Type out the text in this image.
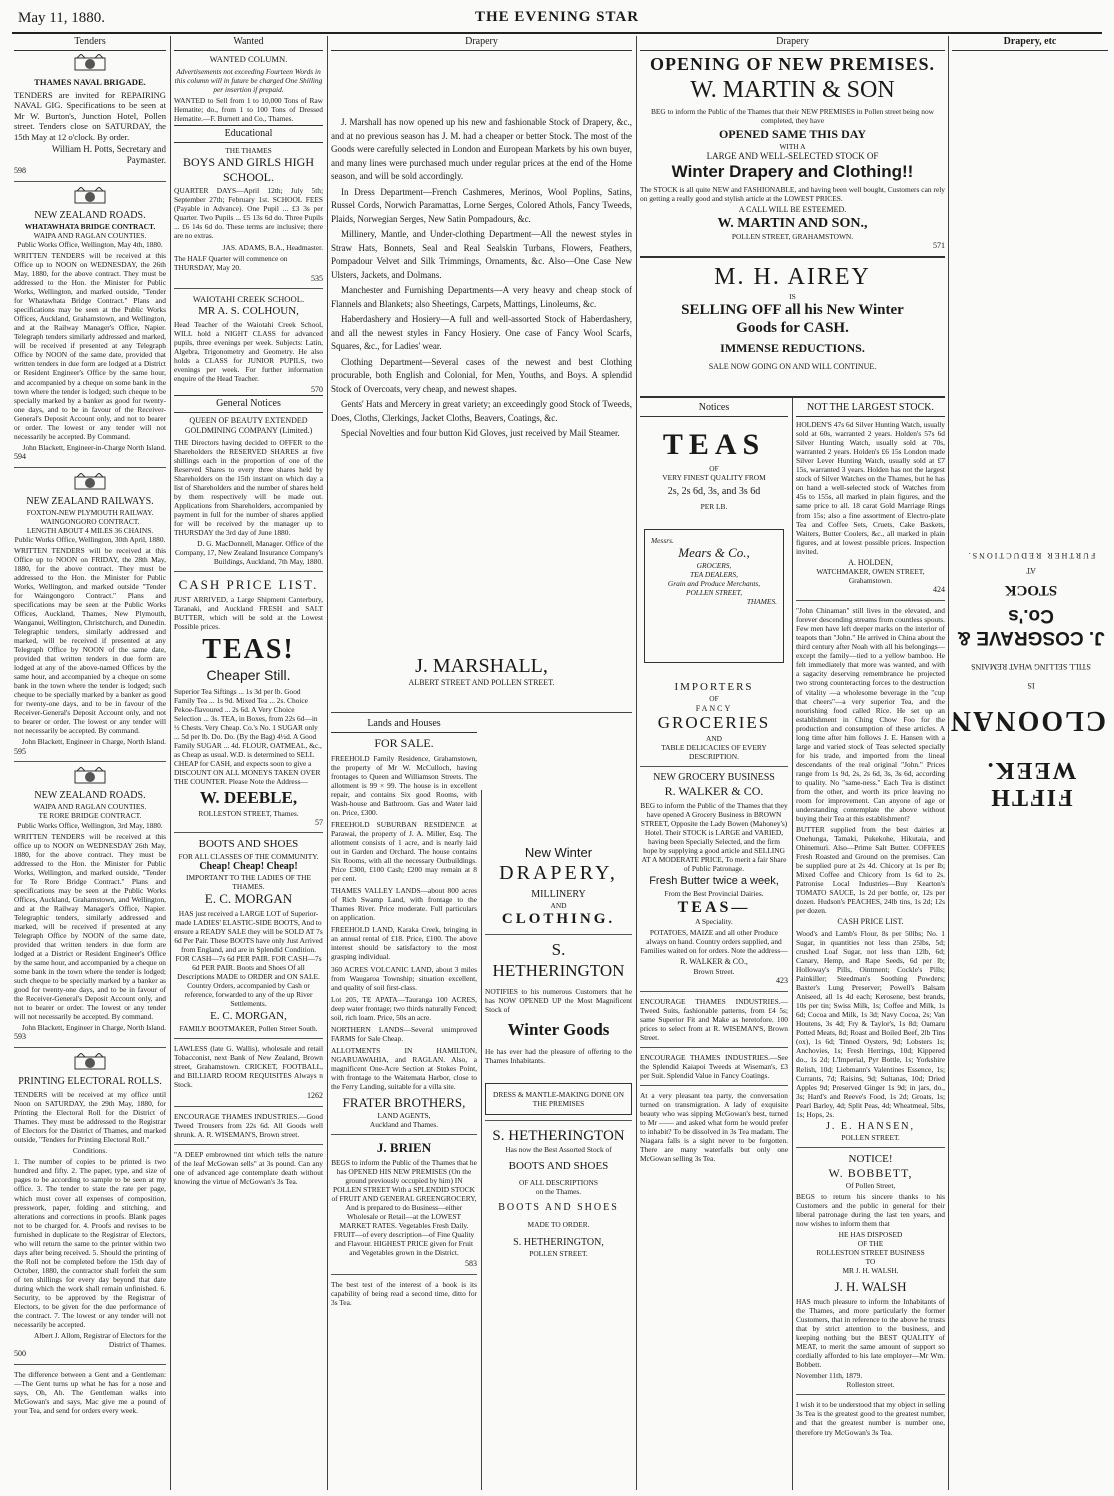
May 11, 1880.	THE EVENING STAR
Tenders
THAMES NAVAL BRIGADE.

TENDERS are invited for REPAIRING NAVAL GIG. Specifications to be seen at Mr W. Burton's, Junction Hotel, Pollen street. Tenders close on SATURDAY, the 15th May at 12 o'clock. By order.

William H. Potts, Secretary and Paymaster.
598
NEW ZEALAND ROADS.
WHATAWHATA BRIDGE CONTRACT.
WAIPA AND RAGLAN COUNTIES.
Public Works Office, Wellington, May 4th, 1880.

WRITTEN TENDERS will be received at this Office up to NOON on WEDNESDAY, the 26th May, 1880, for the above contract. They must be addressed to the Hon. the Minister for Public Works, Wellington, and marked outside, "Tender for Whatawhata Bridge Contract." Plans and specifications may be seen at the Public Works Offices, Auckland, Grahamstown, and Wellington, and at the Railway Manager's Office, Napier. Telegraph tenders similarly addressed and marked, will be received if presented at any Telegraph Office by NOON of the same date, provided that written tenders in due form are lodged at a District or Resident Engineer's Office by the same hour, and accompanied by a cheque on some bank in the town where the tender is lodged; such cheque to be specially marked by a banker as good for twenty-one days, and to be in favour of the Receiver-General's Deposit Account only, and not to bearer or order. The lowest or any tender will not necessarily be accepted. By Command.

John Blackett, Engineer-in-Charge North Island.
594
NEW ZEALAND RAILWAYS.
FOXTON-NEW PLYMOUTH RAILWAY.
WAINGONGORO CONTRACT.
LENGTH ABOUT 4 MILES 36 CHAINS.
Public Works Office, Wellington, 30th April, 1880.

WRITTEN TENDERS will be received at this Office up to NOON on FRIDAY, the 28th May, 1880, for the above contract. They must be addressed to the Hon. the Minister for Public Works, Wellington, and marked outside "Tender for Waingongoro Contract." Plans and specifications may be seen at the Public Works Offices, Auckland, Thames, New Plymouth, Wanganui, Wellington, Christchurch, and Dunedin. Telegraphic tenders, similarly addressed and marked, will be received if presented at any Telegraph Office by NOON of the same date, provided that written tenders in due form are lodged at any of the above-named Offices by the same hour, and accompanied by a cheque on some bank in the town where the tender is lodged; such cheque to be specially marked by a banker as good for twenty-one days, and to be in favour of the Receiver-General's Deposit Account only, and not to bearer or order. The lowest or any tender will not necessarily be accepted. By command.

John Blackett, Engineer in Charge, North Island.
595
NEW ZEALAND ROADS.
WAIPA AND RAGLAN COUNTIES.
TE RORE BRIDGE CONTRACT.
Public Works Office, Wellington, 3rd May, 1880.

WRITTEN TENDERS will be received at this office up to NOON on WEDNESDAY 26th May, 1880, for the above contract. They must be addressed to the Hon. the Minister for Public Works, Wellington, and marked outside, "Tender for Te Rore Bridge Contract." Plans and specifications may be seen at the Public Works Offices, Auckland, Grahamstown, and Wellington, and at the Railway Manager's Office, Napier. Telegraphic tenders, similarly addressed and marked, will be received if presented at any Telegraph Office by NOON of the same date, provided that written tenders in due form are lodged at a District or Resident Engineer's Office by the same hour, and accompanied by a cheque on some bank in the town where the tender is lodged; such cheque to be specially marked by a banker as good for twenty-one days, and to be in favour of the Receiver-General's Deposit Account only, and not to bearer or order. The lowest or any tender will not necessarily be accepted. By command.

John Blackett, Engineer in Charge, North Island.
593
PRINTING ELECTORAL ROLLS.

TENDERS will be received at my office until Noon on SATURDAY, the 29th May, 1880, for Printing the Electoral Roll for the District of Thames. They must be addressed to the Registrar of Electors for the District of Thames, and marked outside, "Tenders for Printing Electoral Roll."

Conditions.

1. The number of copies to be printed is two hundred and fifty. 2. The paper, type, and size of pages to be according to sample to be seen at my office. 3. The tender to state the rate per page, which must cover all expenses of composition, presswork, paper, folding and stitching, and alterations and corrections in proofs. Blank pages not to be charged for. 4. Proofs and revises to be furnished in duplicate to the Registrar of Electors, who will return the same to the printer within two days after being received. 5. Should the printing of the Roll not be completed before the 15th day of October, 1880, the contractor shall forfeit the sum of ten shillings for every day beyond that date during which the work shall remain unfinished. 6. Security, to be approved by the Registrar of Electors, to be given for the due performance of the contract. 7. The lowest or any tender will not necessarily be accepted.

Albert J. Allom, Registrar of Electors for the District of Thames.
500

The difference between a Gent and a Gentleman:—The Gent turns up what he has for a nose and says, Oh, Ah. The Gentleman walks into McGowan's and says, Mac give me a pound of your Tea, and send for orders every week.

Wanted
WANTED COLUMN.

Advertisements not exceeding Fourteen Words in this column will in future be charged One Shilling per insertion if prepaid.

WANTED to Sell from 1 to 10,000 Tons of Raw Hematite; do., from 1 to 100 Tons of Dressed Hematite.—F. Burnett and Co., Thames.

Educational
THE THAMES
BOYS AND GIRLS HIGH SCHOOL.

QUARTER DAYS—April 12th; July 5th; September 27th; February 1st. SCHOOL FEES (Payable in Advance). One Pupil ... £3 3s per Quarter. Two Pupils ... £5 13s 6d do. Three Pupils ... £6 14s 6d do. These terms are inclusive; there are no extras.

JAS. ADAMS, B.A., Headmaster.

The HALF Quarter will commence on THURSDAY, May 20.

535
WAIOTAHI CREEK SCHOOL.
MR A. S. COLHOUN,

Head Teacher of the Waiotahi Creek School, WILL hold a NIGHT CLASS for advanced pupils, three evenings per week. Subjects: Latin, Algebra, Trigonometry and Geometry. He also holds a CLASS for JUNIOR PUPILS, two evenings per week. For further information enquire of the Head Teacher.

570
General Notices
QUEEN OF BEAUTY EXTENDED GOLDMINING COMPANY (Limited.)

THE Directors having decided to OFFER to the Shareholders the RESERVED SHARES at five shillings each in the proportion of one of the Reserved Shares to every three shares held by Shareholders on the 15th instant on which day a list of Shareholders and the number of shares held by them respectively will be made out. Applications from Shareholders, accompanied by payment in full for the number of shares applied for will be received by the manager up to THURSDAY the 3rd day of June 1880.

D. G. MacDonnell, Manager. Office of the Company, 17, New Zealand Insurance Company's Buildings, Auckland, 7th May, 1880.
CASH PRICE LIST.

JUST ARRIVED, a Large Shipment Canterbury, Taranaki, and Auckland FRESH and SALT BUTTER, which will be sold at the Lowest Possible prices.

TEAS!
Cheaper Still.

Superior Tea Siftings ... 1s 3d per lb. Good Family Tea ... 1s 9d. Mixed Tea ... 2s. Choice Pekoe-flavoured ... 2s 6d. A Very Choice Selection ... 3s. TEA, in Boxes, from 22s 6d—in ½ Chests. Very Cheap. Co.'s No. 1 SUGAR only ... 5d per lb. Do. Do. (By the Bag) 4½d. A Good Family SUGAR ... 4d. FLOUR, OATMEAL, &c., as Cheap as usual. W.D. is determined to SELL CHEAP for CASH, and expects soon to give a DISCOUNT ON ALL MONEYS TAKEN OVER THE COUNTER. Please Note the Address—

W. DEEBLE,
ROLLESTON STREET, Thames.
57
BOOTS AND SHOES
FOR ALL CLASSES OF THE COMMUNITY.
Cheap! Cheap! Cheap!
IMPORTANT TO THE LADIES OF THE THAMES.
E. C. MORGAN

HAS just received a LARGE LOT of Superior-made LADIES' ELASTIC-SIDE BOOTS, And to ensure a READY SALE they will be SOLD AT 7s 6d Per Pair. These BOOTS have only Just Arrived from England, and are in Splendid Condition. FOR CASH—7s 6d PER PAIR. FOR CASH—7s 6d PER PAIR. Boots and Shoes Of all Descriptions MADE to ORDER and ON SALE. Country Orders, accompanied by Cash or reference, forwarded to any of the up River Settlements.

E. C. MORGAN,
FAMILY BOOTMAKER, Pollen Street South.

LAWLESS (late G. Wallis), wholesale and retail Tobacconist, next Bank of New Zealand, Brown street, Grahamstown. CRICKET, FOOTBALL, and BILLIARD ROOM REQUISITES Always n Stock.

1262

ENCOURAGE THAMES INDUSTRIES.—Good Tweed Trousers from 22s 6d. All Goods well shrunk. A. R. WISEMAN'S, Brown street.

"A DEEP embrowned tint which tells the nature of the leaf McGowan sells" at 3s pound. Can any one of advanced age contemplate death without knowing the virtue of McGowan's 3s Tea.

Drapery

J. Marshall has now opened up his new and fashionable Stock of Drapery, &c., and at no previous season has J. M. had a cheaper or better Stock. The most of the Goods were carefully selected in London and European Markets by his own buyer, and many lines were purchased much under regular prices at the end of the Home season, and will be sold accordingly.

In Dress Department—French Cashmeres, Merinos, Wool Poplins, Satins, Russel Cords, Norwich Paramattas, Lorne Serges, Colored Athols, Fancy Tweeds, Plaids, Norwegian Serges, New Satin Pompadours, &c.

Millinery, Mantle, and Under-clothing Department—All the newest styles in Straw Hats, Bonnets, Seal and Real Sealskin Turbans, Flowers, Feathers, Pompadour Velvet and Silk Trimmings, Ornaments, &c. Also—One Case New Ulsters, Jackets, and Dolmans.

Manchester and Furnishing Departments—A very heavy and cheap stock of Flannels and Blankets; also Sheetings, Carpets, Mattings, Linoleums, &c.

Haberdashery and Hosiery—A full and well-assorted Stock of Haberdashery, and all the newest styles in Fancy Hosiery. One case of Fancy Wool Scarfs, Squares, &c., for Ladies' wear.

Clothing Department—Several cases of the newest and best Clothing procurable, both English and Colonial, for Men, Youths, and Boys. A splendid Stock of Overcoats, very cheap, and newest shapes.

Gents' Hats and Mercery in great variety; an exceedingly good Stock of Tweeds, Does, Cloths, Clerkings, Jacket Cloths, Beavers, Coatings, &c.

Special Novelties and four button Kid Gloves, just received by Mail Steamer.

J. MARSHALL,
ALBERT STREET AND POLLEN STREET.
Lands and Houses
FOR SALE.

FREEHOLD Family Residence, Grahamstown, the property of Mr W. McCulloch, having frontages to Queen and Williamson Streets. The allotment is 99 × 99. The house is in excellent repair, and contains Six good Rooms, with Wash-house and Bathroom. Gas and Water laid on. Price, £300.

FREEHOLD SUBURBAN RESIDENCE at Parawai, the property of J. A. Miller, Esq. The allotment consists of 1 acre, and is nearly laid out in Garden and Orchard. The house contains Six Rooms, with all the necessary Outbuildings. Price £300, £100 Cash; £200 may remain at 8 per cent.

THAMES VALLEY LANDS—about 800 acres of Rich Swamp Land, with frontage to the Thames River. Price moderate. Full particulars on application.

FREEHOLD LAND, Karaka Creek, bringing in an annual rental of £18. Price, £100. The above interest should be satisfactory to the most grasping individual.

360 ACRES VOLCANIC LAND, about 3 miles from Waugaroa Township; situation excellent, and quality of soil first-class.

Lot 205, TE APATA—Tauranga 100 ACRES, deep water frontage; two thirds naturally Fenced; soil, rich loam. Price, 50s an acre.

NORTHERN LANDS—Several unimproved FARMS for Sale Cheap.

ALLOTMENTS IN HAMILTON, NGARUAWAHIA, and RAGLAN. Also, a magnificent One-Acre Section at Stokes Point, with frontage to the Waitemata Harbor, close to the Ferry Landing, suitable for a villa site.

FRATER BROTHERS,
LAND AGENTS,
Auckland and Thames.
J. BRIEN

BEGS to inform the Public of the Thames that he has OPENED HIS NEW PREMISES (On the ground previously occupied by him) IN POLLEN STREET With a SPLENDID STOCK of FRUIT AND GENERAL GREENGROCERY, And is prepared to do Business—either Wholesale or Retail—at the LOWEST MARKET RATES. Vegetables Fresh Daily. FRUIT—of every description—of Fine Quality and Flavour. HIGHEST PRICE given for Fruit and Vegetables grown in the District.

583

The best test of the interest of a book is its capability of being read a second time, ditto for 3s Tea.

New Winter
DRAPERY,
MILLINERY
AND
CLOTHING.
S. HETHERINGTON

NOTIFIES to his numerous Customers that he has NOW OPENED UP the Most Magnificent Stock of

Winter Goods

He has ever had the pleasure of offering to the Thames Inhabitants.

DRESS & MANTLE-MAKING DONE ON THE PREMISES
S. HETHERINGTON
Has now the Best Assorted Stock of
BOOTS AND SHOES
OF ALL DESCRIPTIONS
on the Thames.
BOOTS AND SHOES
MADE TO ORDER.
S. HETHERINGTON,
POLLEN STREET.
Drapery
OPENING OF NEW PREMISES.
W. MARTIN & SON

BEG to inform the Public of the Thames that their NEW PREMISES in Pollen street being now completed, they have

OPENED SAME THIS DAY
WITH A
LARGE AND WELL-SELECTED STOCK OF
Winter Drapery and Clothing!!

The STOCK is all quite NEW and FASHIONABLE, and having been well bought, Customers can rely on getting a really good and stylish article at the LOWEST PRICES.

A CALL WILL BE ESTEEMED.
W. MARTIN AND SON.,
POLLEN STREET, GRAHAMSTOWN.
571
M. H. AIREY
IS
SELLING OFF all his New Winter
Goods for CASH.
IMMENSE REDUCTIONS.
SALE NOW GOING ON AND WILL CONTINUE.
Notices
TEAS
OF
VERY FINEST QUALITY FROM
2s, 2s 6d, 3s, and 3s 6d
PER LB.
Messrs.
Mears & Co.,
GROCERS,
TEA DEALERS,
Grain and Produce Merchants,
POLLEN STREET,
THAMES.
IMPORTERS
OF
FANCY
GROCERIES
AND
TABLE DELICACIES OF EVERY DESCRIPTION.
NEW GROCERY BUSINESS
R. WALKER & CO.

BEG to inform the Public of the Thames that they have opened A Grocery Business in BROWN STREET, Opposite the Lady Bowen (Mahoney's) Hotel. Their STOCK is LARGE and VARIED, having been Specially Selected, and the firm hope by supplying a good article and SELLING AT A MODERATE PRICE, To merit a fair Share of Public Patronage.

Fresh Butter twice a week,
From the Best Provincial Dairies.
TEAS—
A Speciality.

POTATOES, MAIZE and all other Produce always on hand. Country orders supplied, and Families waited on for orders. Note the address—

R. WALKER & CO.,
Brown Street.
423

ENCOURAGE THAMES INDUSTRIES.—Tweed Suits, fashionable patterns, from £4 5s; same Superior Fit and Make as heretofore. 100 prices to select from at R. WISEMAN'S, Brown Street.

ENCOURAGE THAMES INDUSTRIES.—See the Splendid Kaiapoi Tweeds at Wiseman's, £3 per Suit. Splendid Value in Fancy Coatings.

At a very pleasant tea party, the conversation turned on transmigration. A lady of exquisite beauty who was sipping McGowan's best, turned to Mr —— and asked what form he would prefer to inhabit? To be dissolved in 3s Tea madam. The Niagara falls is a sight never to be forgotten. There are many waterfalls but only one McGowan selling 3s Tea.

NOT THE LARGEST STOCK.

HOLDEN'S 47s 6d Silver Hunting Watch, usually sold at 60s, warranted 2 years. Holden's 57s 6d Silver Hunting Watch, usually sold at 70s, warranted 2 years. Holden's £6 15s London made Silver Lever Hunting Watch, usually sold at £7 15s, warranted 3 years. Holden has not the largest stock of Silver Watches on the Thames, but he has on hand a well-selected stock of Watches from 45s to 155s, all marked in plain figures, and the same price to all. 18 carat Gold Marriage Rings from 15s; also a fine assortment of Electro-plate Tea and Coffee Sets, Cruets, Cake Baskets, Waiters, Butter Coolers, &c., all marked in plain figures, and at lowest possible prices. Inspection invited.

A. HOLDEN,
WATCHMAKER, OWEN STREET, Grahamstown.
424

"John Chinaman" still lives in the elevated, and forever descending streams from countless spouts. Few men have left deeper marks on the interior of teapots than "John." He arrived in China about the third century after Noah with all his belongings—except the family—tied to a yellow bamboo. He felt immediately that more was wanted, and with a sagacity deserving remembrance he projected two strong counteracting forces to the destruction of vitality —a wholesome beverage in the "cup that cheers"—a very superior Tea, and the nourishing food called Rice. He set up an establishment in Ching Chow Foo for the production and consumption of these articles. A long time after him follows J. E. Hansen with a large and varied stock of Teas selected specially for his trade, and imported from the lineal descendants of the real original "John." Prices range from 1s 9d, 2s, 2s 6d, 3s, 3s 6d, according to quality. No "same-ness." Each Tea is distinct from the other, and worth its price leaving no room for improvement. Can anyone of age or understanding contemplate the above without buying their Tea at this establishment?

BUTTER supplied from the best dairies at Onehunga, Tamaki, Pukekohe, Hikutaia, and Ohinemuri. Also—Prime Salt Butter. COFFEES Fresh Roasted and Ground on the premises. Can be supplied pure at 2s 4d. Chicory at 1s per lb; Mixed Coffee and Chicory from 1s 6d to 2s. Patronise Local Industries—Buy Kearton's TOMATO SAUCE, 1s 2d per bottle, or, 12s per dozen. Hudson's PEACHES, 24lb tins, 1s 2d; 12s per dozen.

CASH PRICE LIST.

Wood's and Lamb's Flour, 8s per 50lbs; No. 1 Sugar, in quantities not less than 25lbs, 5d; crushed Loaf Sugar, not less than 12lb, 6d; Canary, Hemp, and Rape Seeds, 6d per lb; Holloway's Pills, Ointment; Cockle's Pills; Painkiller; Steedman's Soothing Powders; Baxter's Lung Preserver; Powell's Balsam Aniseed, all 1s 4d each; Kerosene, best brands, 10s per tin; Swiss Milk, 1s; Coffee and Milk, 1s 6d; Cocoa and Milk, 1s 3d; Navy Cocoa, 2s; Van Houtens, 3s 4d; Fry & Taylor's, 1s 8d; Oamaru Potted Meats, 8d; Roast and Boiled Beef, 2lb Tins (ox), 1s 6d; Tinned Oysters, 9d; Lobsters 1s; Anchovies, 1s; Fresh Herrings, 10d; Kippered do., 1s 2d; L'Imperial, Pyr Bottle, 1s; Yorkshire Relish, 10d; Liebmann's Valentines Essence, 1s; Currants, 7d; Raisins, 9d; Sultanas, 10d; Dried Apples 9d; Preserved Ginger 1s 9d; in jars, do., 3s; Hard's and Reeve's Food, 1s 2d; Groats, 1s; Pearl Barley, 4d; Split Peas, 4d; Wheatmeal, 5lbs, 1s; Hops, 2s.

J. E. HANSEN,
POLLEN STREET.
NOTICE!
W. BOBBETT,
Of Pollen Street,

BEGS to return his sincere thanks to his Customers and the public in general for their liberal patronage during the last ten years, and now wishes to inform them that

HE HAS DISPOSED
OF THE
ROLLESTON STREET BUSINESS
TO
MR J. H. WALSH.
J. H. WALSH

HAS much pleasure to inform the Inhabitants of the Thames, and more particularly the former Customers, that in reference to the above he trusts that by strict attention to the business, and keeping nothing but the BEST QUALITY of MEAT, to merit the same amount of support so cordially afforded to his late employer—Mr Wm. Bobbett.

November 11th, 1879.
Rolleston street.

I wish it to be understood that my object in selling 3s Tea is the greatest good to the greatest number, and that the greatest number is number one, therefore try McGowan's 3s Tea.

Drapery, etc
FIFTH WEEK.
CLOONAN
IS
STILL SELLING WHAT REMAINS
J. COSGRAVE & Co.'s
STOCK
AT
FURTHER REDUCTIONS.
